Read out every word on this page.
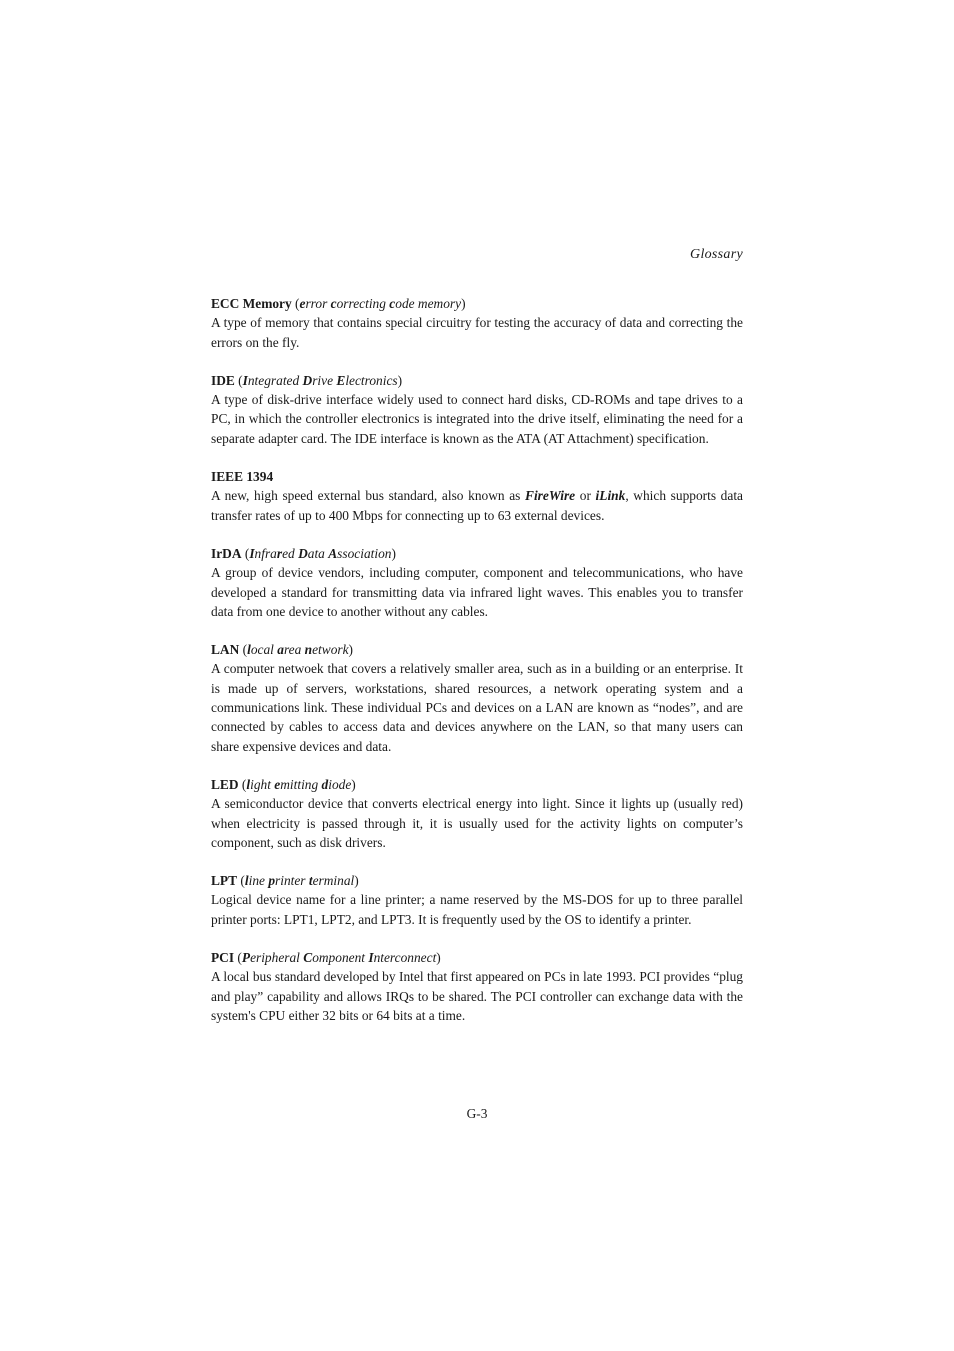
Glossary
ECC Memory (error correcting code memory)
A type of memory that contains special circuitry for testing the accuracy of data and correcting the errors on the fly.
IDE (Integrated Drive Electronics)
A type of disk-drive interface widely used to connect hard disks, CD-ROMs and tape drives to a PC, in which the controller electronics is integrated into the drive itself, eliminating the need for a separate adapter card. The IDE interface is known as the ATA (AT Attachment) specification.
IEEE 1394
A new, high speed external bus standard, also known as FireWire or iLink, which supports data transfer rates of up to 400 Mbps for connecting up to 63 external devices.
IrDA (Infrared Data Association)
A group of device vendors, including computer, component and telecommunications, who have developed a standard for transmitting data via infrared light waves. This enables you to transfer data from one device to another without any cables.
LAN (local area network)
A computer netwoek that covers a relatively smaller area, such as in a building or an enterprise. It is made up of servers, workstations, shared resources, a network operating system and a communications link. These individual PCs and devices on a LAN are known as “nodes”, and are connected by cables to access data and devices anywhere on the LAN, so that many users can share expensive devices and data.
LED (light emitting diode)
A semiconductor device that converts electrical energy into light. Since it lights up (usually red) when electricity is passed through it, it is usually used for the activity lights on computer’s component, such as disk drivers.
LPT (line printer terminal)
Logical device name for a line printer; a name reserved by the MS-DOS for up to three parallel printer ports: LPT1, LPT2, and LPT3. It is frequently used by the OS to identify a printer.
PCI (Peripheral Component Interconnect)
A local bus standard developed by Intel that first appeared on PCs in late 1993. PCI provides “plug and play” capability and allows IRQs to be shared. The PCI controller can exchange data with the system's CPU either 32 bits or 64 bits at a time.
G-3
